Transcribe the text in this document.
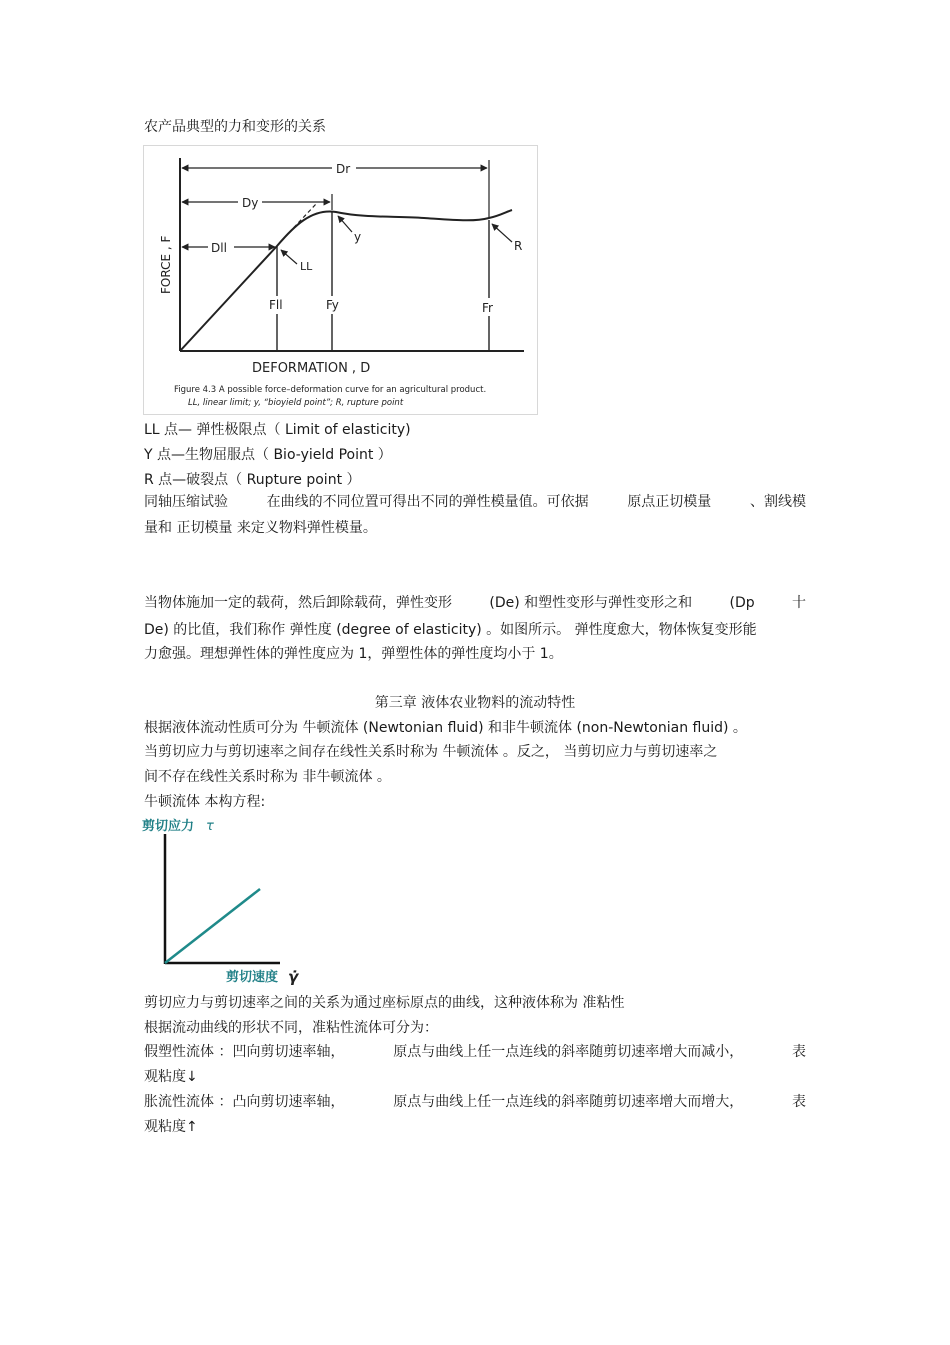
农产品典型的力和变形的关系
Dr
Dy
Dll
y
LL
R
Fll	Fy	Fr
FORCE , F
DEFORMATION , D
Figure 4.3 A possible force–deformation curve for an agricultural product.
LL, linear limit; y, “bioyield point”; R, rupture point
LL 点— 弹性极限点（ Limit of elasticity)
Y 点—生物屈服点（ Bio-yield Point ）
R 点—破裂点（ Rupture point ）
同轴压缩试验	在曲线的不同位置可得出不同的弹性模量值。可依据	原点正切模量	、割线模
量和 正切模量 来定义物料弹性模量。
当物体施加一定的载荷，然后卸除载荷，弹性变形	(De) 和塑性变形与弹性变形之和	(Dp	十
De) 的比值，我们称作 弹性度 (degree of elasticity) 。如图所示。 弹性度愈大，物体恢复变形能
力愈强。理想弹性体的弹性度应为 1，弹塑性体的弹性度均小于 1。
第三章 液体农业物料的流动特性
根据液体流动性质可分为 牛顿流体 (Newtonian fluid) 和非牛顿流体 (non-Newtonian fluid) 。
当剪切应力与剪切速率之间存在线性关系时称为 牛顿流体 。反之， 当剪切应力与剪切速率之
间不存在线性关系时称为 非牛顿流体 。
牛顿流体 本构方程:
剪切应力 τ
剪切速度 γ̇
剪切应力与剪切速率之间的关系为通过座标原点的曲线，这种液体称为 准粘性
根据流动曲线的形状不同，准粘性流体可分为：
假塑性流体 ：凹向剪切速率轴，	原点与曲线上任一点连线的斜率随剪切速率增大而减小，	表
观粘度↓
胀流性流体 ：凸向剪切速率轴，	原点与曲线上任一点连线的斜率随剪切速率增大而增大，	表
观粘度↑
